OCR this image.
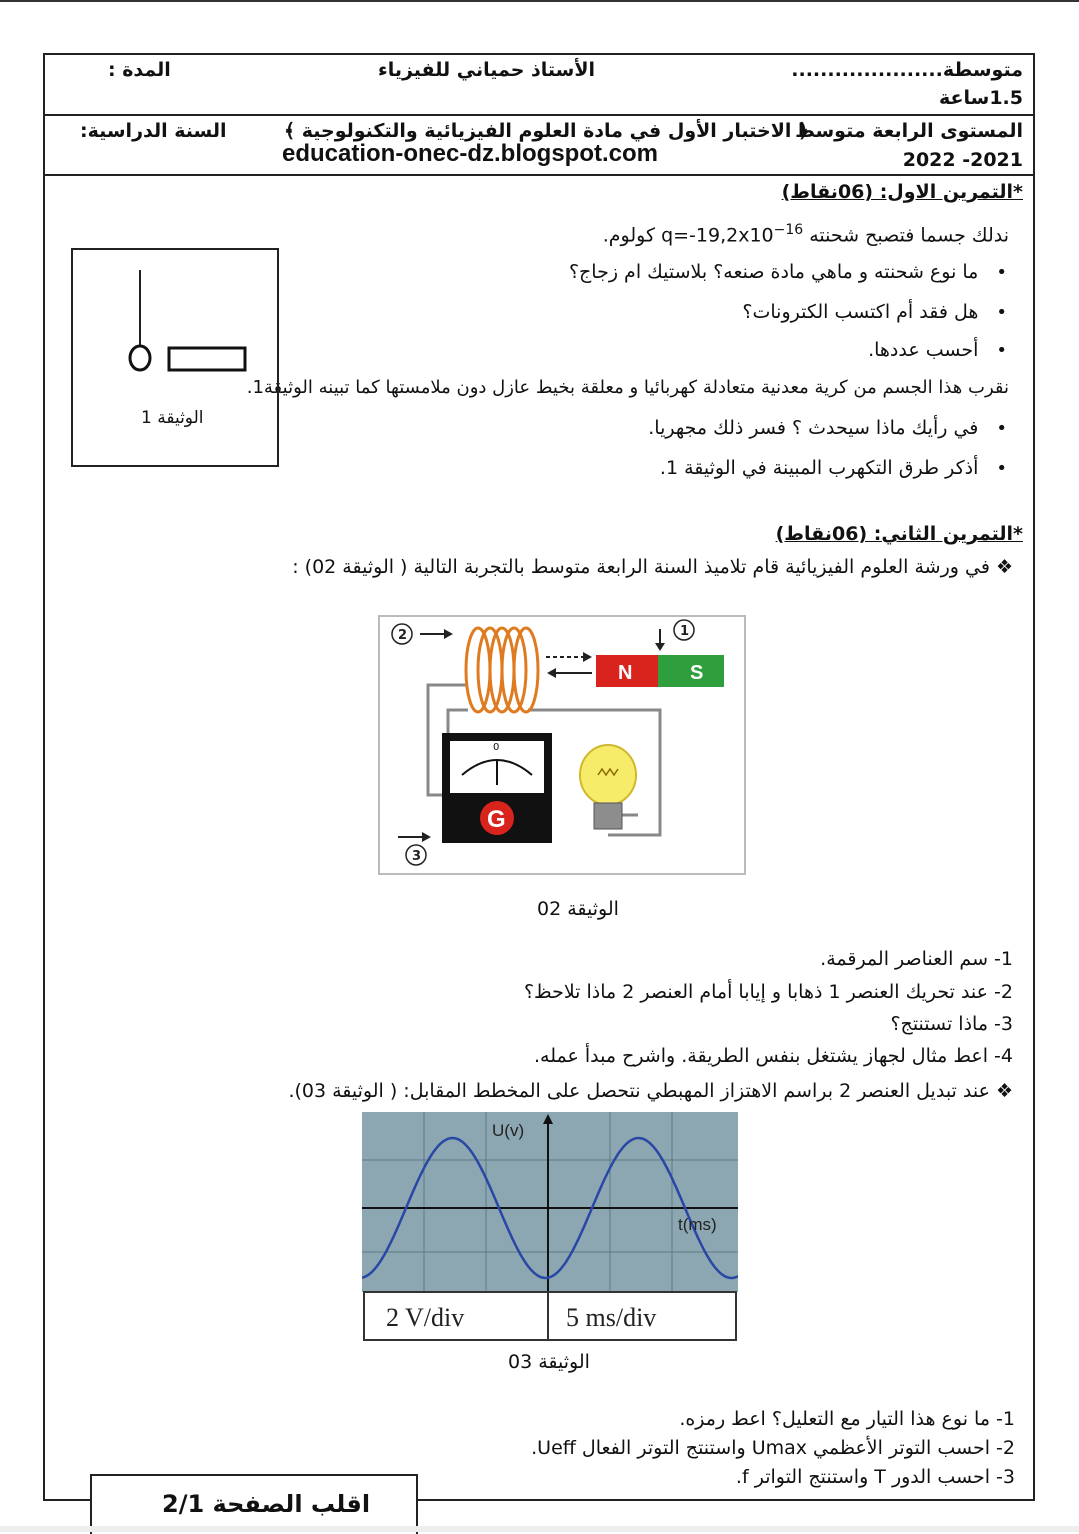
متوسطة.....................
الأستاذ حمياني للفيزياء
المدة :
1.5ساعة
المستوى الرابعة متوسط
﴿ الاختبار الأول في مادة العلوم الفيزيائية والتكنولوجية ﴾
السنة الدراسية:
2022 -2021
education-onec-dz.blogspot.com
*التمرين الاول: (06نقاط)
ندلك جسما فتصبح شحنته $q=-19,2x10^{-16}$ كولوم.
• ما نوع شحنته و ماهي مادة صنعه؟ بلاستيك ام زجاج؟
• هل فقد أم اكتسب الكترونات؟
• أحسب عددها.
نقرب هذا الجسم من كرية معدنية متعادلة كهربائيا و معلقة بخيط عازل دون ملامستها كما تبينه الوثيقة1.
• في رأيك ماذا سيحدث ؟ فسر ذلك مجهريا.
• أذكر طرق التكهرب المبينة في الوثيقة 1.
الوثيقة 1
*التمرين الثاني: (06نقاط)
❖ في ورشة العلوم الفيزيائية قام تلاميذ السنة الرابعة متوسط بالتجربة التالية ( الوثيقة 02) :
N	S
1
2
0
G
3
الوثيقة 02
1- سم العناصر المرقمة.
2- عند تحريك العنصر 1 ذهابا و إيابا أمام العنصر 2 ماذا تلاحظ؟
3- ماذا تستنتج؟
4- اعط مثال لجهاز يشتغل بنفس الطريقة. واشرح مبدأ عمله.
❖ عند تبديل العنصر 2 براسم الاهتزاز المهبطي نتحصل على المخطط المقابل: ( الوثيقة 03).
U(v)
t(ms)
2 V/div	5 ms/div
الوثيقة 03
1- ما نوع هذا التيار مع التعليل؟ اعط رمزه.
2- احسب التوتر الأعظمي Umax واستنتج التوتر الفعال Ueff.
3- احسب الدور T واستنتج التواتر f.
اقلب الصفحة 2/1
